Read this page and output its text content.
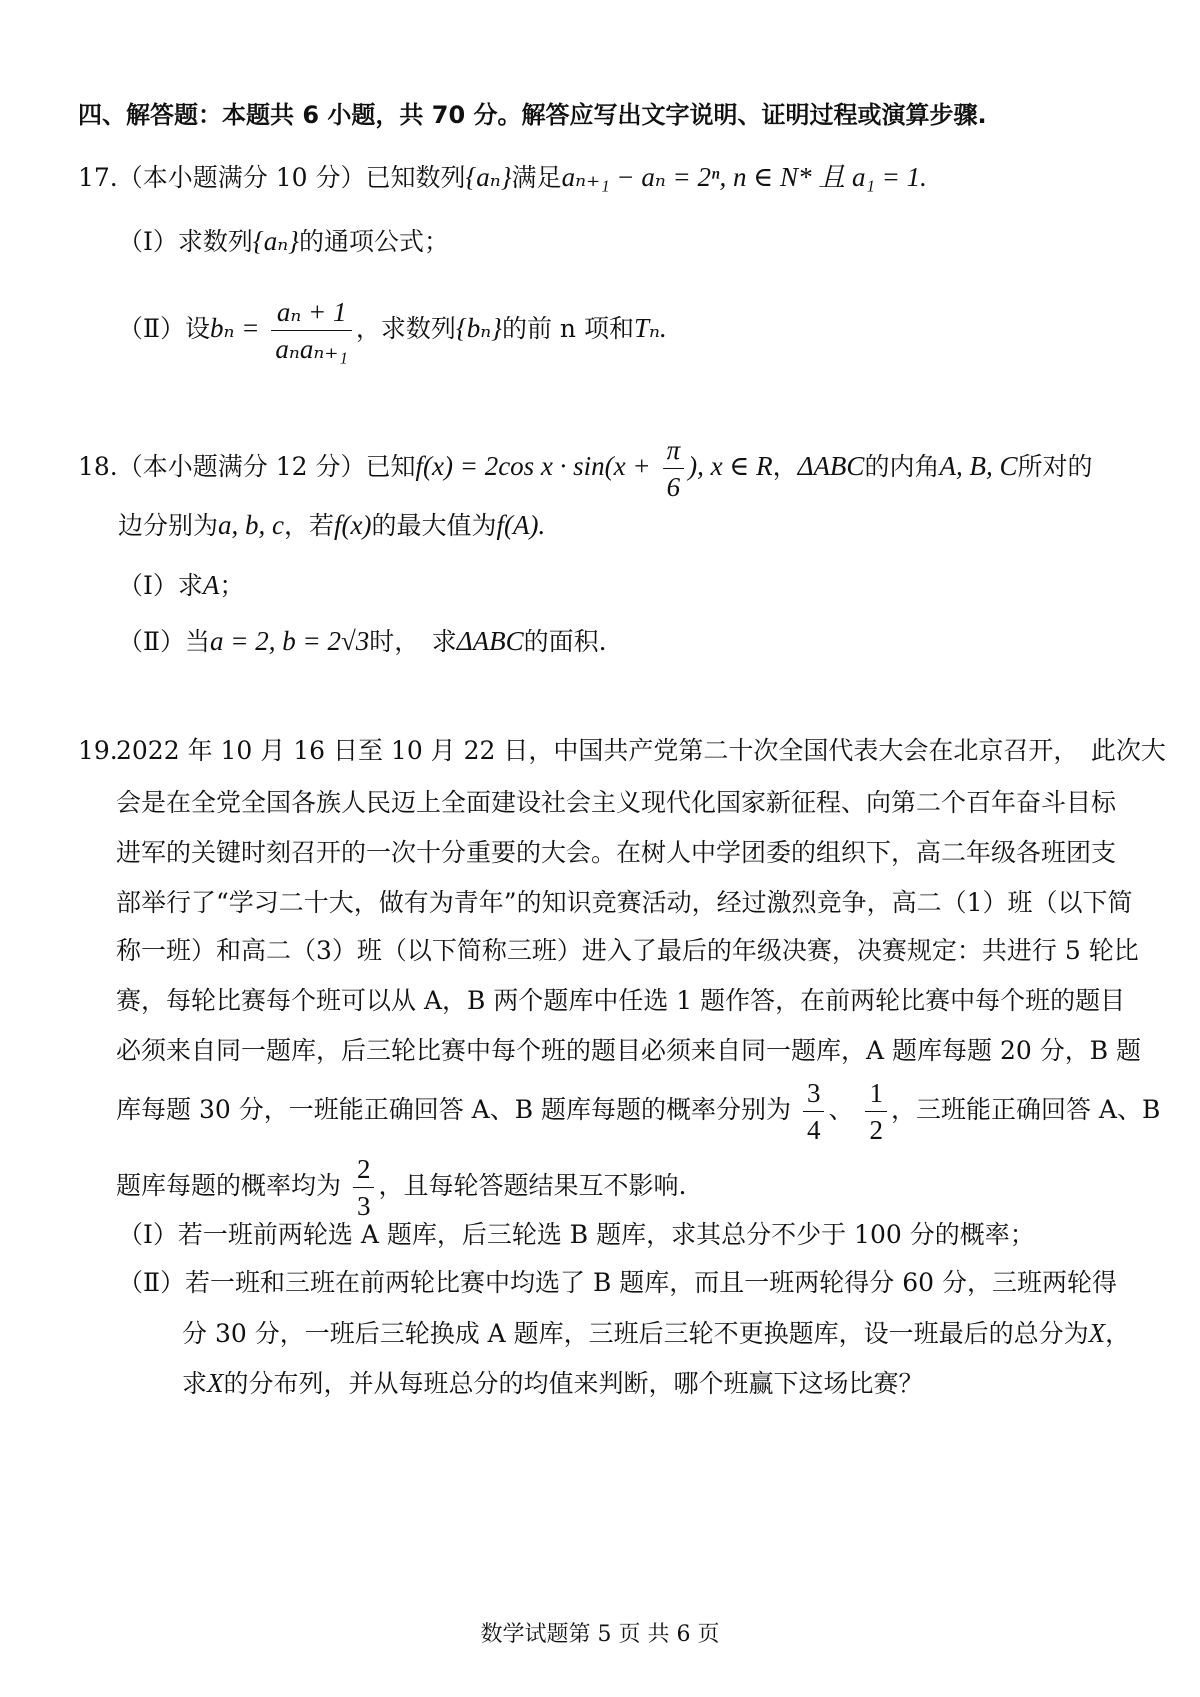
四、解答题：本题共 6 小题，共 70 分。解答应写出文字说明、证明过程或演算步骤.
17.（本小题满分 10 分）已知数列{aₙ}满足aₙ₊₁ − aₙ = 2ⁿ, n ∈ N* 且 a₁ = 1.
（Ⅰ）求数列{aₙ}的通项公式；
（Ⅱ）设$b_n = \frac{\text{aₙ + 1}}{\text{aₙaₙ₊₁}}$ ，求数列{bₙ}的前 n 项和Tₙ.
18.（本小题满分 12 分）已知f(x) = 2cos $x \cdot \sin(x + \frac{\pi}{6}$ ), x ∈ R，ΔABC的内角A, B, C所对的
边分别为a, b, c，若f(x)的最大值为f(A).
（Ⅰ）求A；
（Ⅱ）当a = 2, b = 2√3时，　求ΔABC的面积.
19.
2022 年 10 月 16 日至 10 月 22 日，中国共产党第二十次全国代表大会在北京召开，　此次大
会是在全党全国各族人民迈上全面建设社会主义现代化国家新征程、向第二个百年奋斗目标
进军的关键时刻召开的一次十分重要的大会。在树人中学团委的组织下，高二年级各班团支
部举行了“学习二十大，做有为青年”的知识竞赛活动，经过激烈竞争，高二（1）班（以下简
称一班）和高二（3）班（以下简称三班）进入了最后的年级决赛，决赛规定：共进行 5 轮比
赛，每轮比赛每个班可以从 A，B 两个题库中任选 1 题作答，在前两轮比赛中每个班的题目
必须来自同一题库，后三轮比赛中每个班的题目必须来自同一题库，A 题库每题 20 分，B 题
库每题 30 分，一班能正确回答 A、B 题库每题的概率分别为 $\frac{3}{4}$ 、 $\frac{1}{2}$ ，三班能正确回答 A、B
题库每题的概率均为 $\frac{2}{3}$ ，且每轮答题结果互不影响.
（Ⅰ）若一班前两轮选 A 题库，后三轮选 B 题库，求其总分不少于 100 分的概率；
（Ⅱ）若一班和三班在前两轮比赛中均选了 B 题库，而且一班两轮得分 60 分，三班两轮得
分 30 分，一班后三轮换成 A 题库，三班后三轮不更换题库，设一班最后的总分为X，
求X的分布列，并从每班总分的均值来判断，哪个班赢下这场比赛？
数学试题第 5 页 共 6 页
